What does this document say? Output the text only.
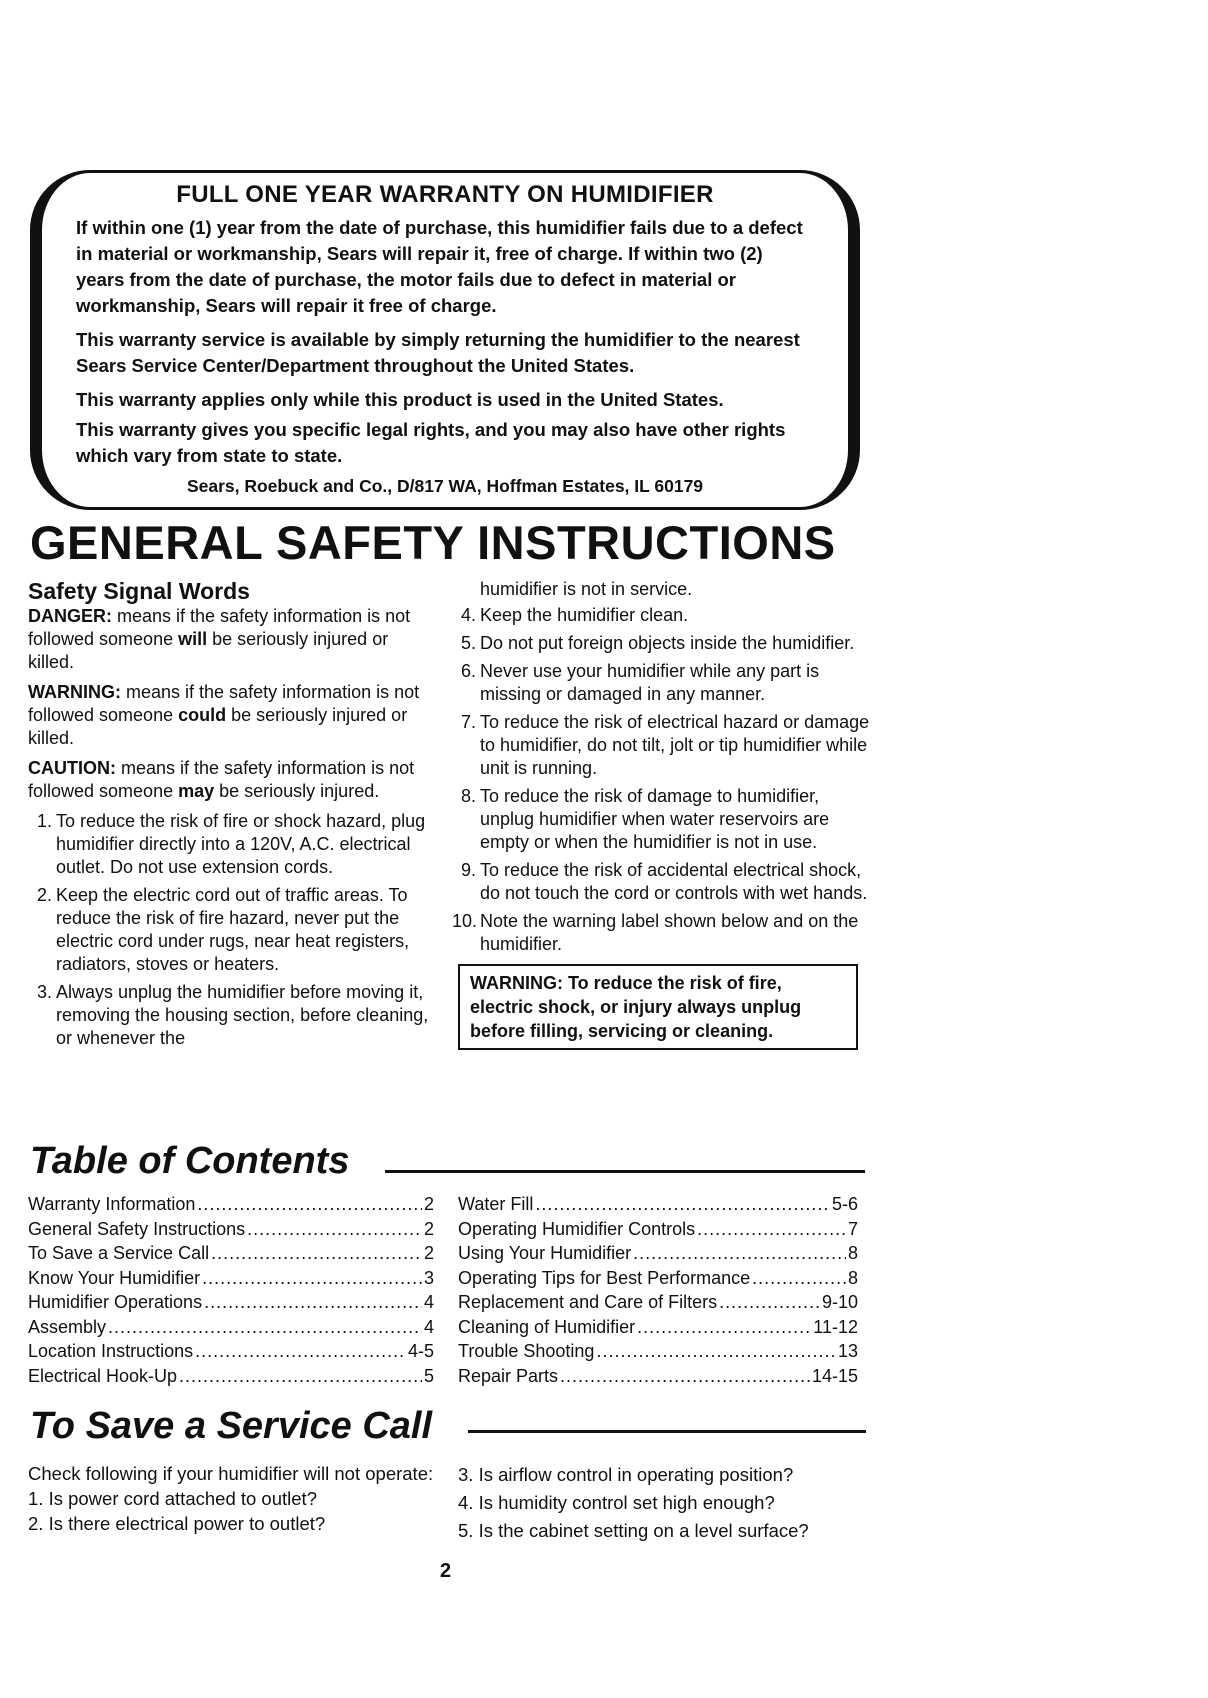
FULL ONE YEAR WARRANTY ON HUMIDIFIER

If within one (1) year from the date of purchase, this humidifier fails due to a defect in material or workmanship, Sears will repair it, free of charge. If within two (2) years from the date of purchase, the motor fails due to defect in material or workmanship, Sears will repair it free of charge.

This warranty service is available by simply returning the humidifier to the nearest Sears Service Center/Department throughout the United States.

This warranty applies only while this product is used in the United States.

This warranty gives you specific legal rights, and you may also have other rights which vary from state to state.

Sears, Roebuck and Co., D/817 WA, Hoffman Estates, IL 60179

GENERAL SAFETY INSTRUCTIONS
Safety Signal Words

DANGER: means if the safety information is not followed someone will be seriously injured or killed.

WARNING: means if the safety information is not followed someone could be seriously injured or killed.

CAUTION: means if the safety information is not followed someone may be seriously injured.

1. To reduce the risk of fire or shock hazard, plug humidifier directly into a 120V, A.C. electrical outlet. Do not use extension cords.
2. Keep the electric cord out of traffic areas. To reduce the risk of fire hazard, never put the electric cord under rugs, near heat registers, radiators, stoves or heaters.
3. Always unplug the humidifier before moving it, removing the housing section, before cleaning, or whenever the

humidifier is not in service.

4. Keep the humidifier clean.
5. Do not put foreign objects inside the humidifier.
6. Never use your humidifier while any part is missing or damaged in any manner.
7. To reduce the risk of electrical hazard or damage to humidifier, do not tilt, jolt or tip humidifier while unit is running.
8. To reduce the risk of damage to humidifier, unplug humidifier when water reservoirs are empty or when the humidifier is not in use.
9. To reduce the risk of accidental electrical shock, do not touch the cord or controls with wet hands.
10. Note the warning label shown below and on the humidifier.
WARNING: To reduce the risk of fire, electric shock, or injury always unplug before filling, servicing or cleaning.
Table of Contents
Warranty Information .....	2
General Safety Instructions .....	2
To Save a Service Call .....	2
Know Your Humidifier .....	3
Humidifier Operations .....	4
Assembly .....	4
Location Instructions .....	4-5
Electrical Hook-Up .....	5
Water Fill .....	5-6
Operating Humidifier Controls .....	7
Using Your Humidifier .....	8
Operating Tips for Best Performance .....	8
Replacement and Care of Filters .....	9-10
Cleaning of Humidifier .....	11-12
Trouble Shooting .....	13
Repair Parts .....	14-15
To Save a Service Call

Check following if your humidifier will not operate:

1. Is power cord attached to outlet?

2. Is there electrical power to outlet?

3. Is airflow control in operating position?

4. Is humidity control set high enough?

5. Is the cabinet setting on a level surface?

2
